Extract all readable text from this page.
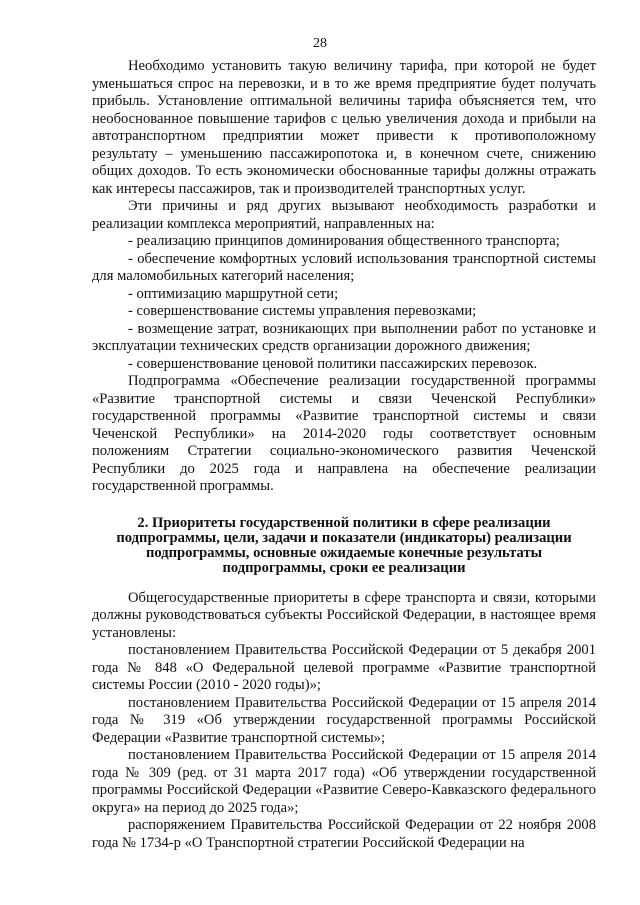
28

Необходимо установить такую величину тарифа, при которой не будет уменьшаться спрос на перевозки, и в то же время предприятие будет получать прибыль. Установление оптимальной величины тарифа объясняется тем, что необоснованное повышение тарифов с целью увеличения дохода и прибыли на автотранспортном предприятии может привести к противоположному результату – уменьшению пассажиропотока и, в конечном счете, снижению общих доходов. То есть экономически обоснованные тарифы должны отражать как интересы пассажиров, так и производителей транспортных услуг.

Эти причины и ряд других вызывают необходимость разработки и реализации комплекса мероприятий, направленных на:

- реализацию принципов доминирования общественного транспорта;

- обеспечение комфортных условий использования транспортной системы для маломобильных категорий населения;

- оптимизацию маршрутной сети;

- совершенствование системы управления перевозками;

- возмещение затрат, возникающих при выполнении работ по установке и эксплуатации технических средств организации дорожного движения;

- совершенствование ценовой политики пассажирских перевозок.

Подпрограмма «Обеспечение реализации государственной программы «Развитие транспортной системы и связи Чеченской Республики» государственной программы «Развитие транспортной системы и связи Чеченской Республики» на 2014-2020 годы соответствует основным положениям Стратегии социально-экономического развития Чеченской Республики до 2025 года и направлена на обеспечение реализации государственной программы.

2. Приоритеты государственной политики в сфере реализации подпрограммы, цели, задачи и показатели (индикаторы) реализации подпрограммы, основные ожидаемые конечные результаты подпрограммы, сроки ее реализации

Общегосударственные приоритеты в сфере транспорта и связи, которыми должны руководствоваться субъекты Российской Федерации, в настоящее время установлены:

постановлением Правительства Российской Федерации от 5 декабря 2001 года № 848 «О Федеральной целевой программе «Развитие транспортной системы России (2010 - 2020 годы)»;

постановлением Правительства Российской Федерации от 15 апреля 2014 года № 319 «Об утверждении государственной программы Российской Федерации «Развитие транспортной системы»;

постановлением Правительства Российской Федерации от 15 апреля 2014 года № 309 (ред. от 31 марта 2017 года) «Об утверждении государственной программы Российской Федерации «Развитие Северо-Кавказского федерального округа» на период до 2025 года»;

распоряжением Правительства Российской Федерации от 22 ноября 2008 года № 1734-р «О Транспортной стратегии Российской Федерации на
